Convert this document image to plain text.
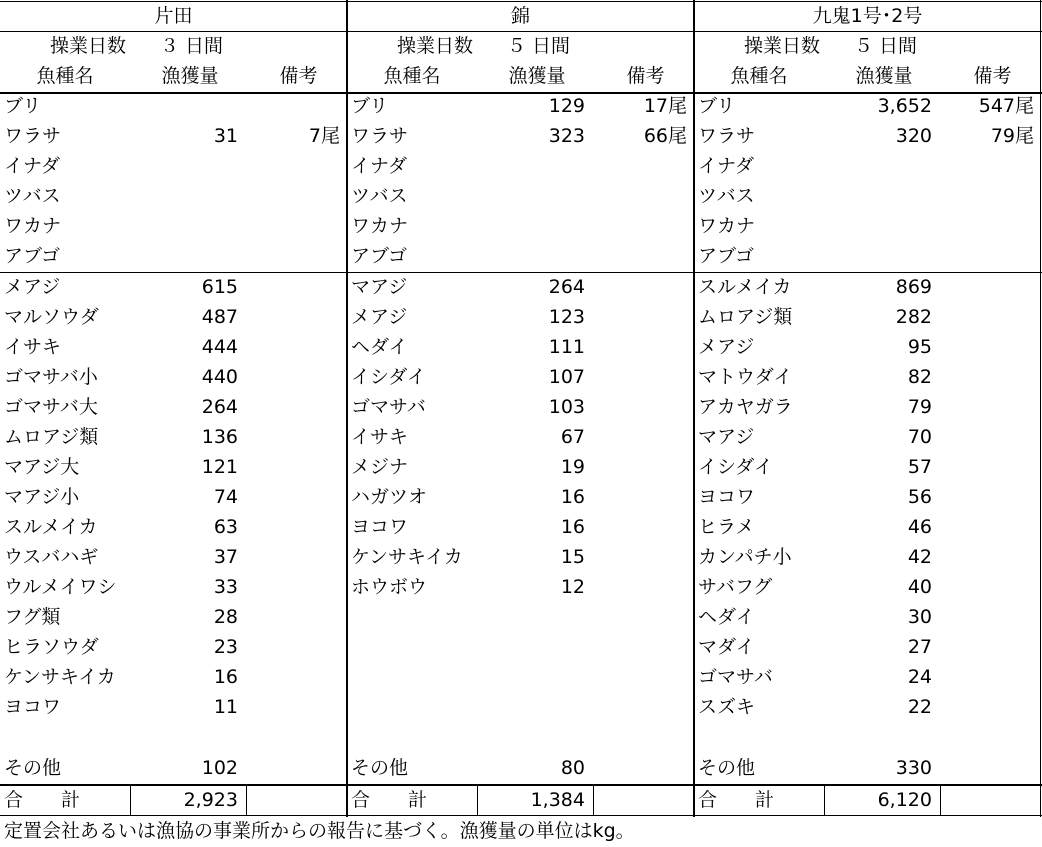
片田
操業日数 ３ 日間
魚種名	漁獲量	備考
ブリ
ワラサ	31	7尾
イナダ
ツバス
ワカナ
アブゴ
メアジ	615
マルソウダ	487
イサキ	444
ゴマサバ小	440
ゴマサバ大	264
ムロアジ類	136
マアジ大	121
マアジ小	74
スルメイカ	63
ウスバハギ	37
ウルメイワシ	33
フグ類	28
ヒラソウダ	23
ケンサキイカ	16
ヨコワ	11
その他	102
合　　計	2,923
錦
操業日数 ５ 日間
魚種名	漁獲量	備考
ブリ	129	17尾
ワラサ	323	66尾
イナダ
ツバス
ワカナ
アブゴ
マアジ	264
メアジ	123
ヘダイ	111
イシダイ	107
ゴマサバ	103
イサキ	67
メジナ	19
ハガツオ	16
ヨコワ	16
ケンサキイカ	15
ホウボウ	12
その他	80
合　　計	1,384
九鬼1号･2号
操業日数 ５ 日間
魚種名	漁獲量	備考
ブリ	3,652	547尾
ワラサ	320	79尾
イナダ
ツバス
ワカナ
アブゴ
スルメイカ	869
ムロアジ類	282
メアジ	95
マトウダイ	82
アカヤガラ	79
マアジ	70
イシダイ	57
ヨコワ	56
ヒラメ	46
カンパチ小	42
サバフグ	40
ヘダイ	30
マダイ	27
ゴマサバ	24
スズキ	22
その他	330
合　　計	6,120
定置会社あるいは漁協の事業所からの報告に基づく。漁獲量の単位はkg。
